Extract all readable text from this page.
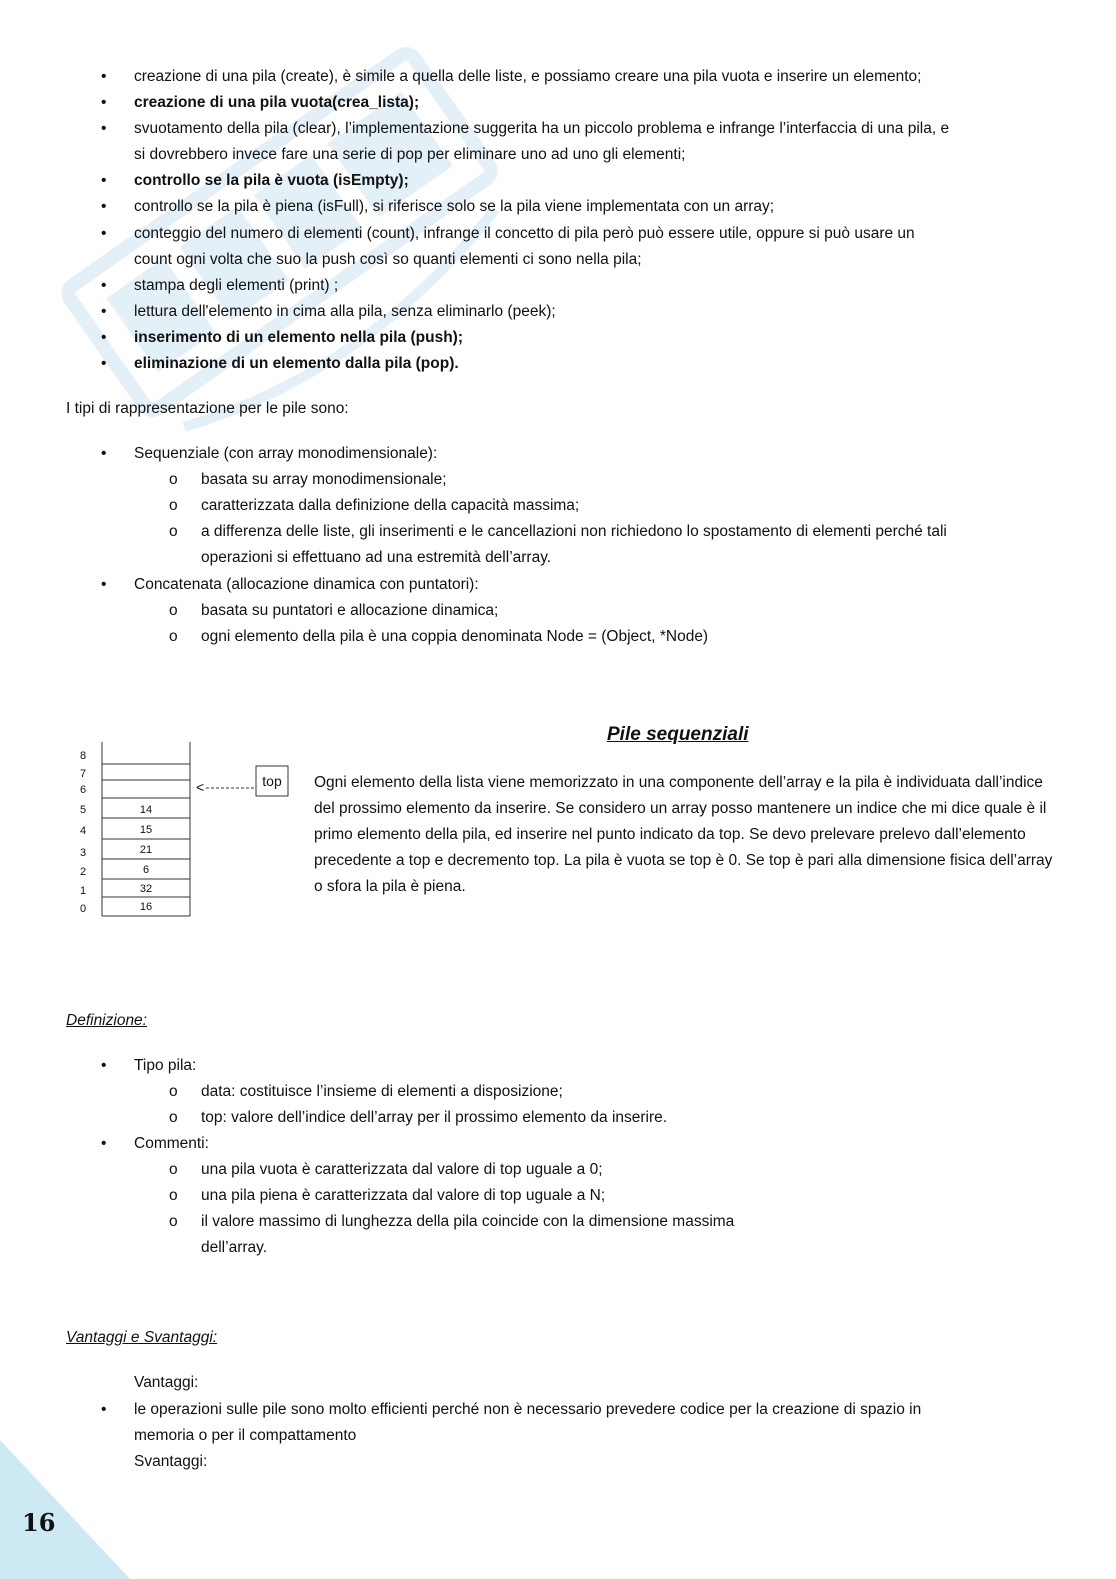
•	creazione di una pila (create), è simile a quella delle liste, e possiamo creare una pila vuota e inserire un elemento;
•	creazione di una pila vuota(crea_lista);
•	svuotamento della pila (clear), l’implementazione suggerita ha un piccolo problema e infrange l’interfaccia di una pila, e
si dovrebbero invece fare una serie di pop per eliminare uno ad uno gli elementi;
•	controllo se la pila è vuota (isEmpty);
•	controllo se la pila è piena (isFull), si riferisce solo se la pila viene implementata con un array;
•	conteggio del numero di elementi (count), infrange il concetto di pila però può essere utile, oppure si può usare un
count ogni volta che suo la push così so quanti elementi ci sono nella pila;
•	stampa degli elementi (print) ;
•	lettura dell'elemento in cima alla pila, senza eliminarlo (peek);
•	inserimento di un elemento nella pila (push);
•	eliminazione di un elemento dalla pila (pop).
I tipi di rappresentazione per le pile sono:
•	Sequenziale (con array monodimensionale):
o basata su array monodimensionale;
o caratterizzata dalla definizione della capacità massima;
o a differenza delle liste, gli inserimenti e le cancellazioni non richiedono lo spostamento di elementi perché tali
operazioni si effettuano ad una estremità dell’array.
•	Concatenata (allocazione dinamica con puntatori):
o basata su puntatori e allocazione dinamica;
o ogni elemento della pila è una coppia denominata Node = (Object, *Node)
Pile sequenziali
8
7
6
5
4
3
2
1
0
14
15
21
6
32
16
<	top Ogni elemento della lista viene memorizzato in una componente dell’array e la pila è individuata dall’indice del prossimo elemento da inserire. Se considero un array posso mantenere un indice che mi dice quale è il primo elemento della pila, ed inserire nel punto indicato da top. Se devo prelevare prelevo dall’elemento precedente a top e decremento top. La pila è vuota se top è 0. Se top è pari alla dimensione fisica dell’array o sfora la pila è piena.
Definizione:
•	Tipo pila:
o data: costituisce l’insieme di elementi a disposizione;
o top: valore dell’indice dell’array per il prossimo elemento da inserire.
•	Commenti:
o una pila vuota è caratterizzata dal valore di top uguale a 0;
o una pila piena è caratterizzata dal valore di top uguale a N;
o il valore massimo di lunghezza della pila coincide con la dimensione massima
dell’array.
Vantaggi e Svantaggi:
Vantaggi:
•	le operazioni sulle pile sono molto efficienti perché non è necessario prevedere codice per la creazione di spazio in
memoria o per il compattamento
Svantaggi:
16
